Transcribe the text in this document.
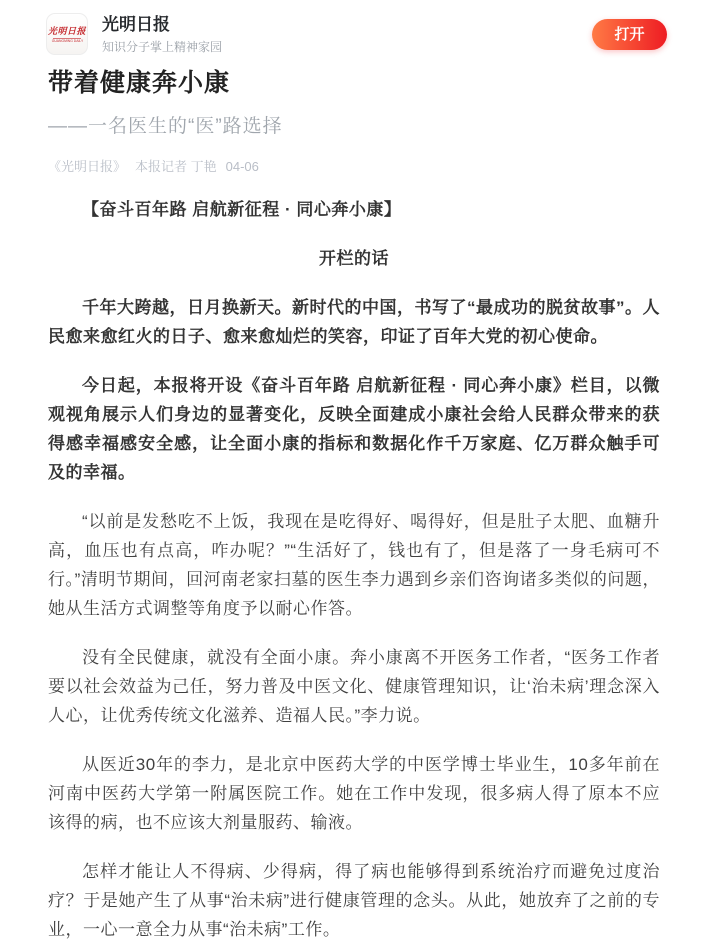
光明日报
GUANGMING DAILY
光明日报
知识分子掌上精神家园
打开
带着健康奔小康
——一名医生的“医”路选择
《光明日报》 本报记者 丁艳 04-06

【奋斗百年路 启航新征程 · 同心奔小康】

开栏的话

千年大跨越，日月换新天。新时代的中国，书写了“最成功的脱贫故事”。人民愈来愈红火的日子、愈来愈灿烂的笑容，印证了百年大党的初心使命。

今日起，本报将开设《奋斗百年路 启航新征程 · 同心奔小康》栏目，以微观视角展示人们身边的显著变化，反映全面建成小康社会给人民群众带来的获得感幸福感安全感，让全面小康的指标和数据化作千万家庭、亿万群众触手可及的幸福。

“以前是发愁吃不上饭，我现在是吃得好、喝得好，但是肚子太肥、血糖升高，血压也有点高，咋办呢？”“生活好了，钱也有了，但是落了一身毛病可不行。”清明节期间，回河南老家扫墓的医生李力遇到乡亲们咨询诸多类似的问题，她从生活方式调整等角度予以耐心作答。

没有全民健康，就没有全面小康。奔小康离不开医务工作者，“医务工作者要以社会效益为己任，努力普及中医文化、健康管理知识，让‘治未病’理念深入人心，让优秀传统文化滋养、造福人民。”李力说。

从医近30年的李力，是北京中医药大学的中医学博士毕业生，10多年前在河南中医药大学第一附属医院工作。她在工作中发现，很多病人得了原本不应该得的病，也不应该大剂量服药、输液。

怎样才能让人不得病、少得病，得了病也能够得到系统治疗而避免过度治疗？于是她产生了从事“治未病”进行健康管理的念头。从此，她放弃了之前的专业，一心一意全力从事“治未病”工作。
